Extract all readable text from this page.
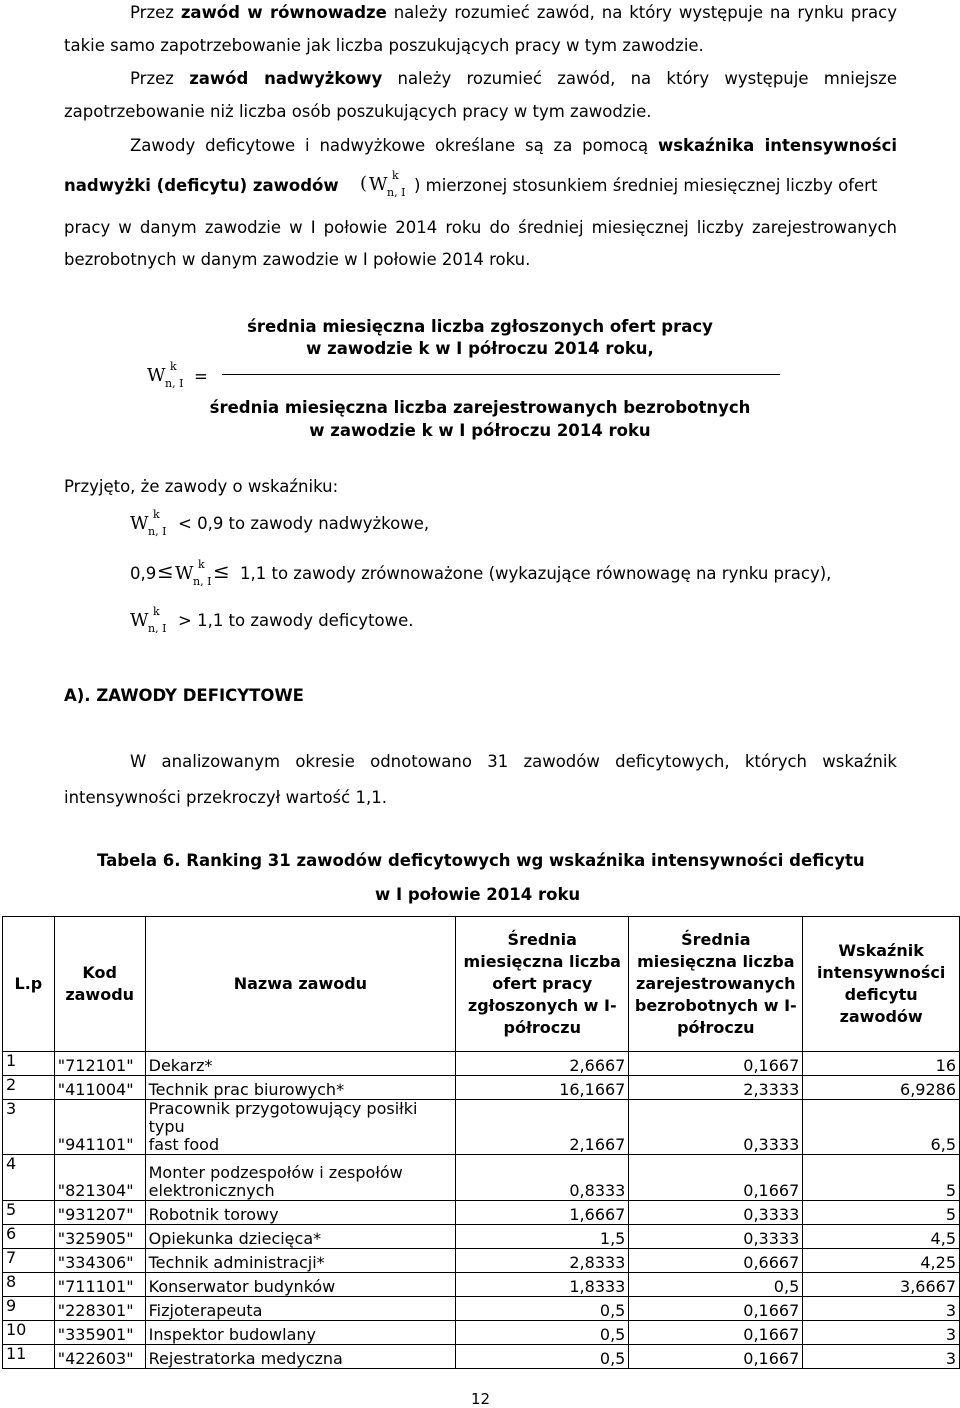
Przez zawód w równowadze należy rozumieć zawód, na który występuje na rynku pracy
takie samo zapotrzebowanie jak liczba poszukujących pracy w tym zawodzie.
Przez zawód nadwyżkowy należy rozumieć zawód, na który występuje mniejsze
zapotrzebowanie niż liczba osób poszukujących pracy w tym zawodzie.
Zawody deficytowe i nadwyżkowe określane są za pomocą wskaźnika intensywności
nadwyżki (deficytu) zawodów ( W k
n, I ) mierzonej stosunkiem średniej miesięcznej liczby ofert
pracy w danym zawodzie w I połowie 2014 roku do średniej miesięcznej liczby zarejestrowanych
bezrobotnych w danym zawodzie w I połowie 2014 roku.
średnia miesięczna liczba zgłoszonych ofert pracy
w zawodzie k w I półroczu 2014 roku,
W k
n, I =
średnia miesięczna liczba zarejestrowanych bezrobotnych
w zawodzie k w I półroczu 2014 roku
Przyjęto, że zawody o wskaźniku:
W k
n, I < 0,9 to zawody nadwyżkowe,
0,9 ≤ W k
n, I ≤ 1,1 to zawody zrównoważone (wykazujące równowagę na rynku pracy),
W k
n, I > 1,1 to zawody deficytowe.
A). ZAWODY DEFICYTOWE
W analizowanym okresie odnotowano 31 zawodów deficytowych, których wskaźnik
intensywności przekroczył wartość 1,1.
Tabela 6. Ranking 31 zawodów deficytowych wg wskaźnika intensywności deficytu
w I połowie 2014 roku
L.p	Kod zawodu	Nazwa zawodu	Średnia miesięczna liczba ofert pracy zgłoszonych w I-półroczu	Średnia miesięczna liczba zarejestrowanych bezrobotnych w I-półroczu	Wskaźnik intensywności deficytu zawodów
1	"712101"	Dekarz*	2,6667	0,1667	16
2	"411004"	Technik prac biurowych*	16,1667	2,3333	6,9286
3	"941101"	Pracownik przygotowujący posiłki typu
fast food	2,1667	0,3333	6,5
4	"821304"	Monter podzespołów i zespołów
elektronicznych	0,8333	0,1667	5
5	"931207"	Robotnik torowy	1,6667	0,3333	5
6	"325905"	Opiekunka dziecięca*	1,5	0,3333	4,5
7	"334306"	Technik administracji*	2,8333	0,6667	4,25
8	"711101"	Konserwator budynków	1,8333	0,5	3,6667
9	"228301"	Fizjoterapeuta	0,5	0,1667	3
10	"335901"	Inspektor budowlany	0,5	0,1667	3
11	"422603"	Rejestratorka medyczna	0,5	0,1667	3
12
